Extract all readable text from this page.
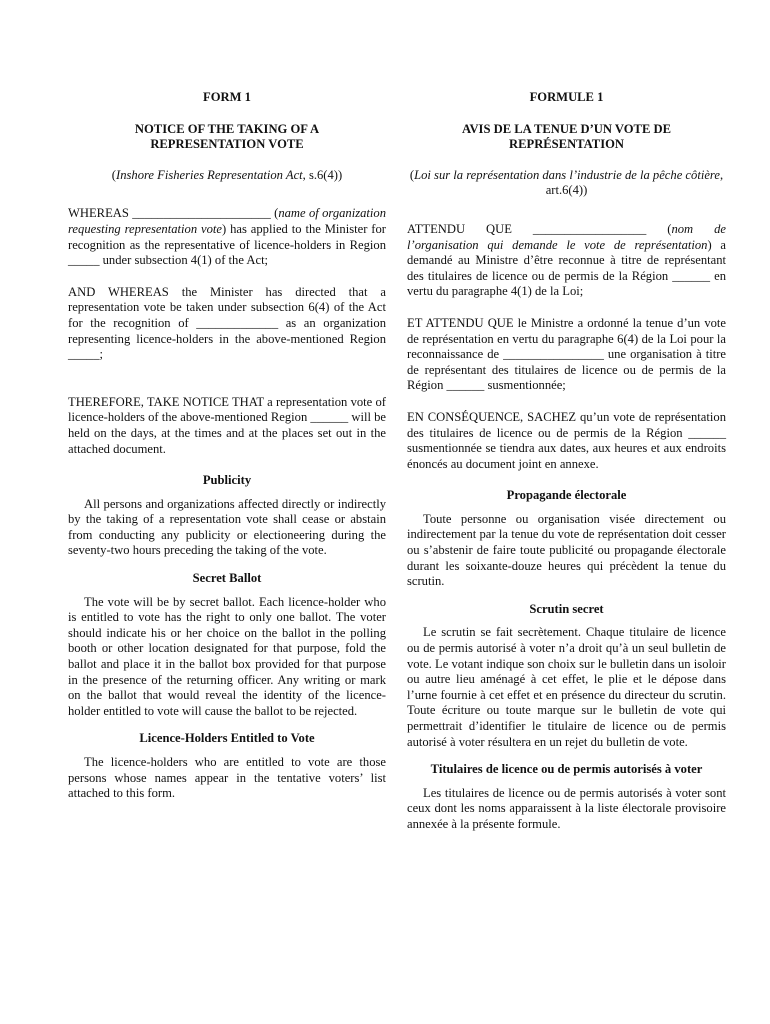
FORM 1
NOTICE OF THE TAKING OF A
REPRESENTATION VOTE
(Inshore Fisheries Representation Act, s.6(4))

WHEREAS ______________________ (name of organization requesting representation vote) has applied to the Minister for recognition as the representative of licence-holders in Region _____ under subsection 4(1) of the Act;

AND WHEREAS the Minister has directed that a representation vote be taken under subsection 6(4) of the Act for the recognition of _____________ as an organization representing licence-holders in the above-mentioned Region _____;

THEREFORE, TAKE NOTICE THAT a representation vote of licence-holders of the above-mentioned Region ______ will be held on the days, at the times and at the places set out in the attached document.

Publicity

All persons and organizations affected directly or indirectly by the taking of a representation vote shall cease or abstain from conducting any publicity or electioneering during the seventy-two hours preceding the taking of the vote.

Secret Ballot

The vote will be by secret ballot. Each licence-holder who is entitled to vote has the right to only one ballot. The voter should indicate his or her choice on the ballot in the polling booth or other location designated for that purpose, fold the ballot and place it in the ballot box provided for that purpose in the presence of the returning officer. Any writing or mark on the ballot that would reveal the identity of the licence-holder entitled to vote will cause the ballot to be rejected.

Licence-Holders Entitled to Vote

The licence-holders who are entitled to vote are those persons whose names appear in the tentative voters’ list attached to this form.

FORMULE 1
AVIS DE LA TENUE D’UN VOTE DE
REPRÉSENTATION
(Loi sur la représentation dans l’industrie de la pêche côtière, art.6(4))

ATTENDU QUE __________________ (nom de l’organisation qui demande le vote de représentation) a demandé au Ministre d’être reconnue à titre de représentant des titulaires de licence ou de permis de la Région ______ en vertu du paragraphe 4(1) de la Loi;

ET ATTENDU QUE le Ministre a ordonné la tenue d’un vote de représentation en vertu du paragraphe 6(4) de la Loi pour la reconnaissance de ________________ une organisation à titre de représentant des titulaires de licence ou de permis de la Région ______ susmentionnée;

EN CONSÉQUENCE, SACHEZ qu’un vote de représentation des titulaires de licence ou de permis de la Région ______ susmentionnée se tiendra aux dates, aux heures et aux endroits énoncés au document joint en annexe.

Propagande électorale

Toute personne ou organisation visée directement ou indirectement par la tenue du vote de représentation doit cesser ou s’abstenir de faire toute publicité ou propagande électorale durant les soixante-douze heures qui précèdent la tenue du scrutin.

Scrutin secret

Le scrutin se fait secrètement. Chaque titulaire de licence ou de permis autorisé à voter n’a droit qu’à un seul bulletin de vote. Le votant indique son choix sur le bulletin dans un isoloir ou autre lieu aménagé à cet effet, le plie et le dépose dans l’urne fournie à cet effet et en présence du directeur du scrutin. Toute écriture ou toute marque sur le bulletin de vote qui permettrait d’identifier le titulaire de licence ou de permis autorisé à voter résultera en un rejet du bulletin de vote.

Titulaires de licence ou de permis autorisés à voter

Les titulaires de licence ou de permis autorisés à voter sont ceux dont les noms apparaissent à la liste électorale provisoire annexée à la présente formule.
